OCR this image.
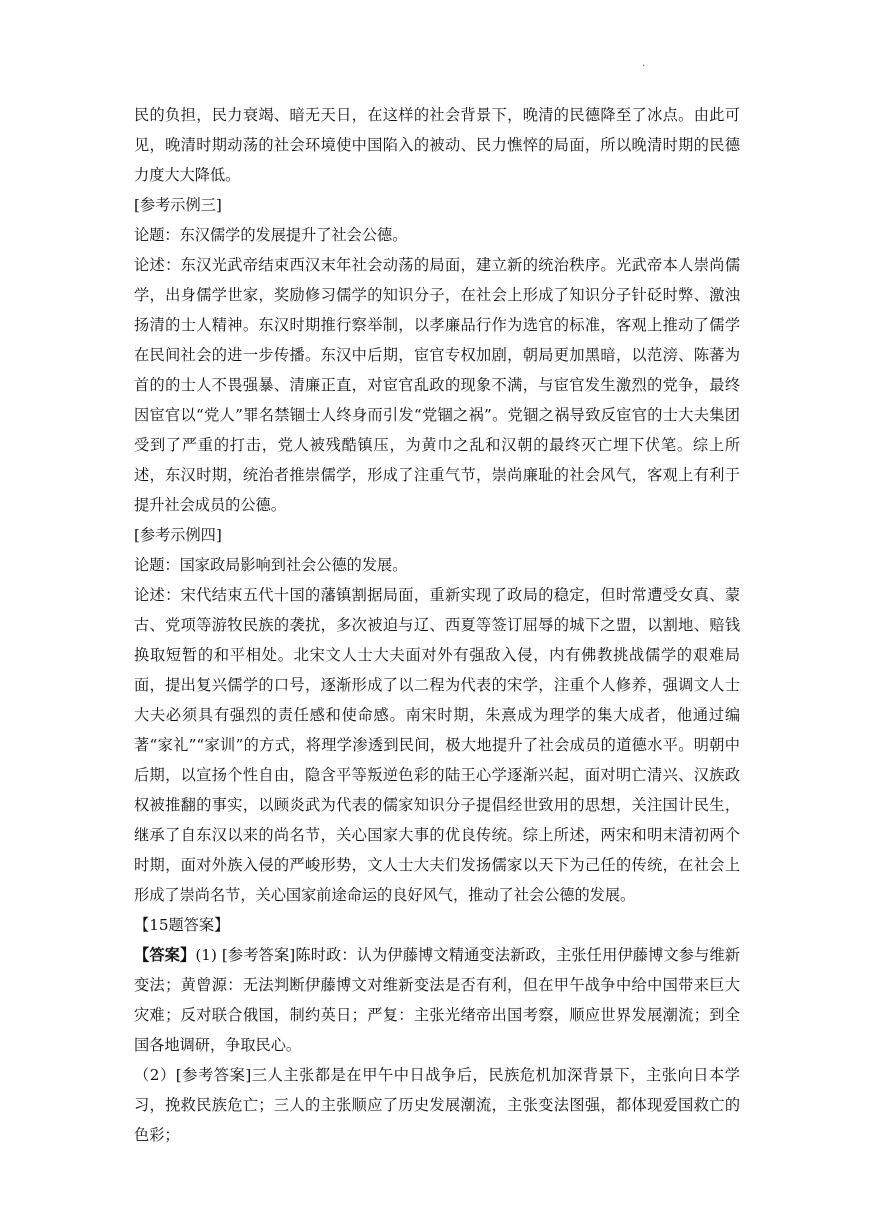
.

民的负担，民力衰竭、暗无天日，在这样的社会背景下，晚清的民德降至了冰点。由此可见，晚清时期动荡的社会环境使中国陷入的被动、民力憔悴的局面，所以晚清时期的民德力度大大降低。

[参考示例三]

论题：东汉儒学的发展提升了社会公德。

论述：东汉光武帝结束西汉末年社会动荡的局面，建立新的统治秩序。光武帝本人崇尚儒学，出身儒学世家，奖励修习儒学的知识分子，在社会上形成了知识分子针砭时弊、激浊扬清的士人精神。东汉时期推行察举制，以孝廉品行作为选官的标准，客观上推动了儒学在民间社会的进一步传播。东汉中后期，宦官专权加剧，朝局更加黑暗，以范滂、陈蕃为首的的士人不畏强暴、清廉正直，对宦官乱政的现象不满，与宦官发生激烈的党争，最终因宦官以“党人”罪名禁锢士人终身而引发“党锢之祸”。党锢之祸导致反宦官的士大夫集团受到了严重的打击，党人被残酷镇压，为黄巾之乱和汉朝的最终灭亡埋下伏笔。综上所述，东汉时期，统治者推崇儒学，形成了注重气节，崇尚廉耻的社会风气，客观上有利于提升社会成员的公德。

[参考示例四]

论题：国家政局影响到社会公德的发展。

论述：宋代结束五代十国的藩镇割据局面，重新实现了政局的稳定，但时常遭受女真、蒙古、党项等游牧民族的袭扰，多次被迫与辽、西夏等签订屈辱的城下之盟，以割地、赔钱换取短暂的和平相处。北宋文人士大夫面对外有强敌入侵，内有佛教挑战儒学的艰难局面，提出复兴儒学的口号，逐渐形成了以二程为代表的宋学，注重个人修养，强调文人士大夫必须具有强烈的责任感和使命感。南宋时期，朱熹成为理学的集大成者，他通过编著“家礼”“家训”的方式，将理学渗透到民间，极大地提升了社会成员的道德水平。明朝中后期，以宣扬个性自由，隐含平等叛逆色彩的陆王心学逐渐兴起，面对明亡清兴、汉族政权被推翻的事实，以顾炎武为代表的儒家知识分子提倡经世致用的思想，关注国计民生，继承了自东汉以来的尚名节，关心国家大事的优良传统。综上所述，两宋和明末清初两个时期，面对外族入侵的严峻形势，文人士大夫们发扬儒家以天下为己任的传统，在社会上形成了崇尚名节，关心国家前途命运的良好风气，推动了社会公德的发展。

【15题答案】

【答案】(1) [参考答案]陈时政：认为伊藤博文精通变法新政，主张任用伊藤博文参与维新变法；黄曾源：无法判断伊藤博文对维新变法是否有利，但在甲午战争中给中国带来巨大灾难；反对联合俄国，制约英日；严复：主张光绪帝出国考察，顺应世界发展潮流；到全国各地调研，争取民心。

（2）[参考答案]三人主张都是在甲午中日战争后，民族危机加深背景下，主张向日本学习，挽救民族危亡；三人的主张顺应了历史发展潮流，主张变法图强，都体现爱国救亡的色彩；
